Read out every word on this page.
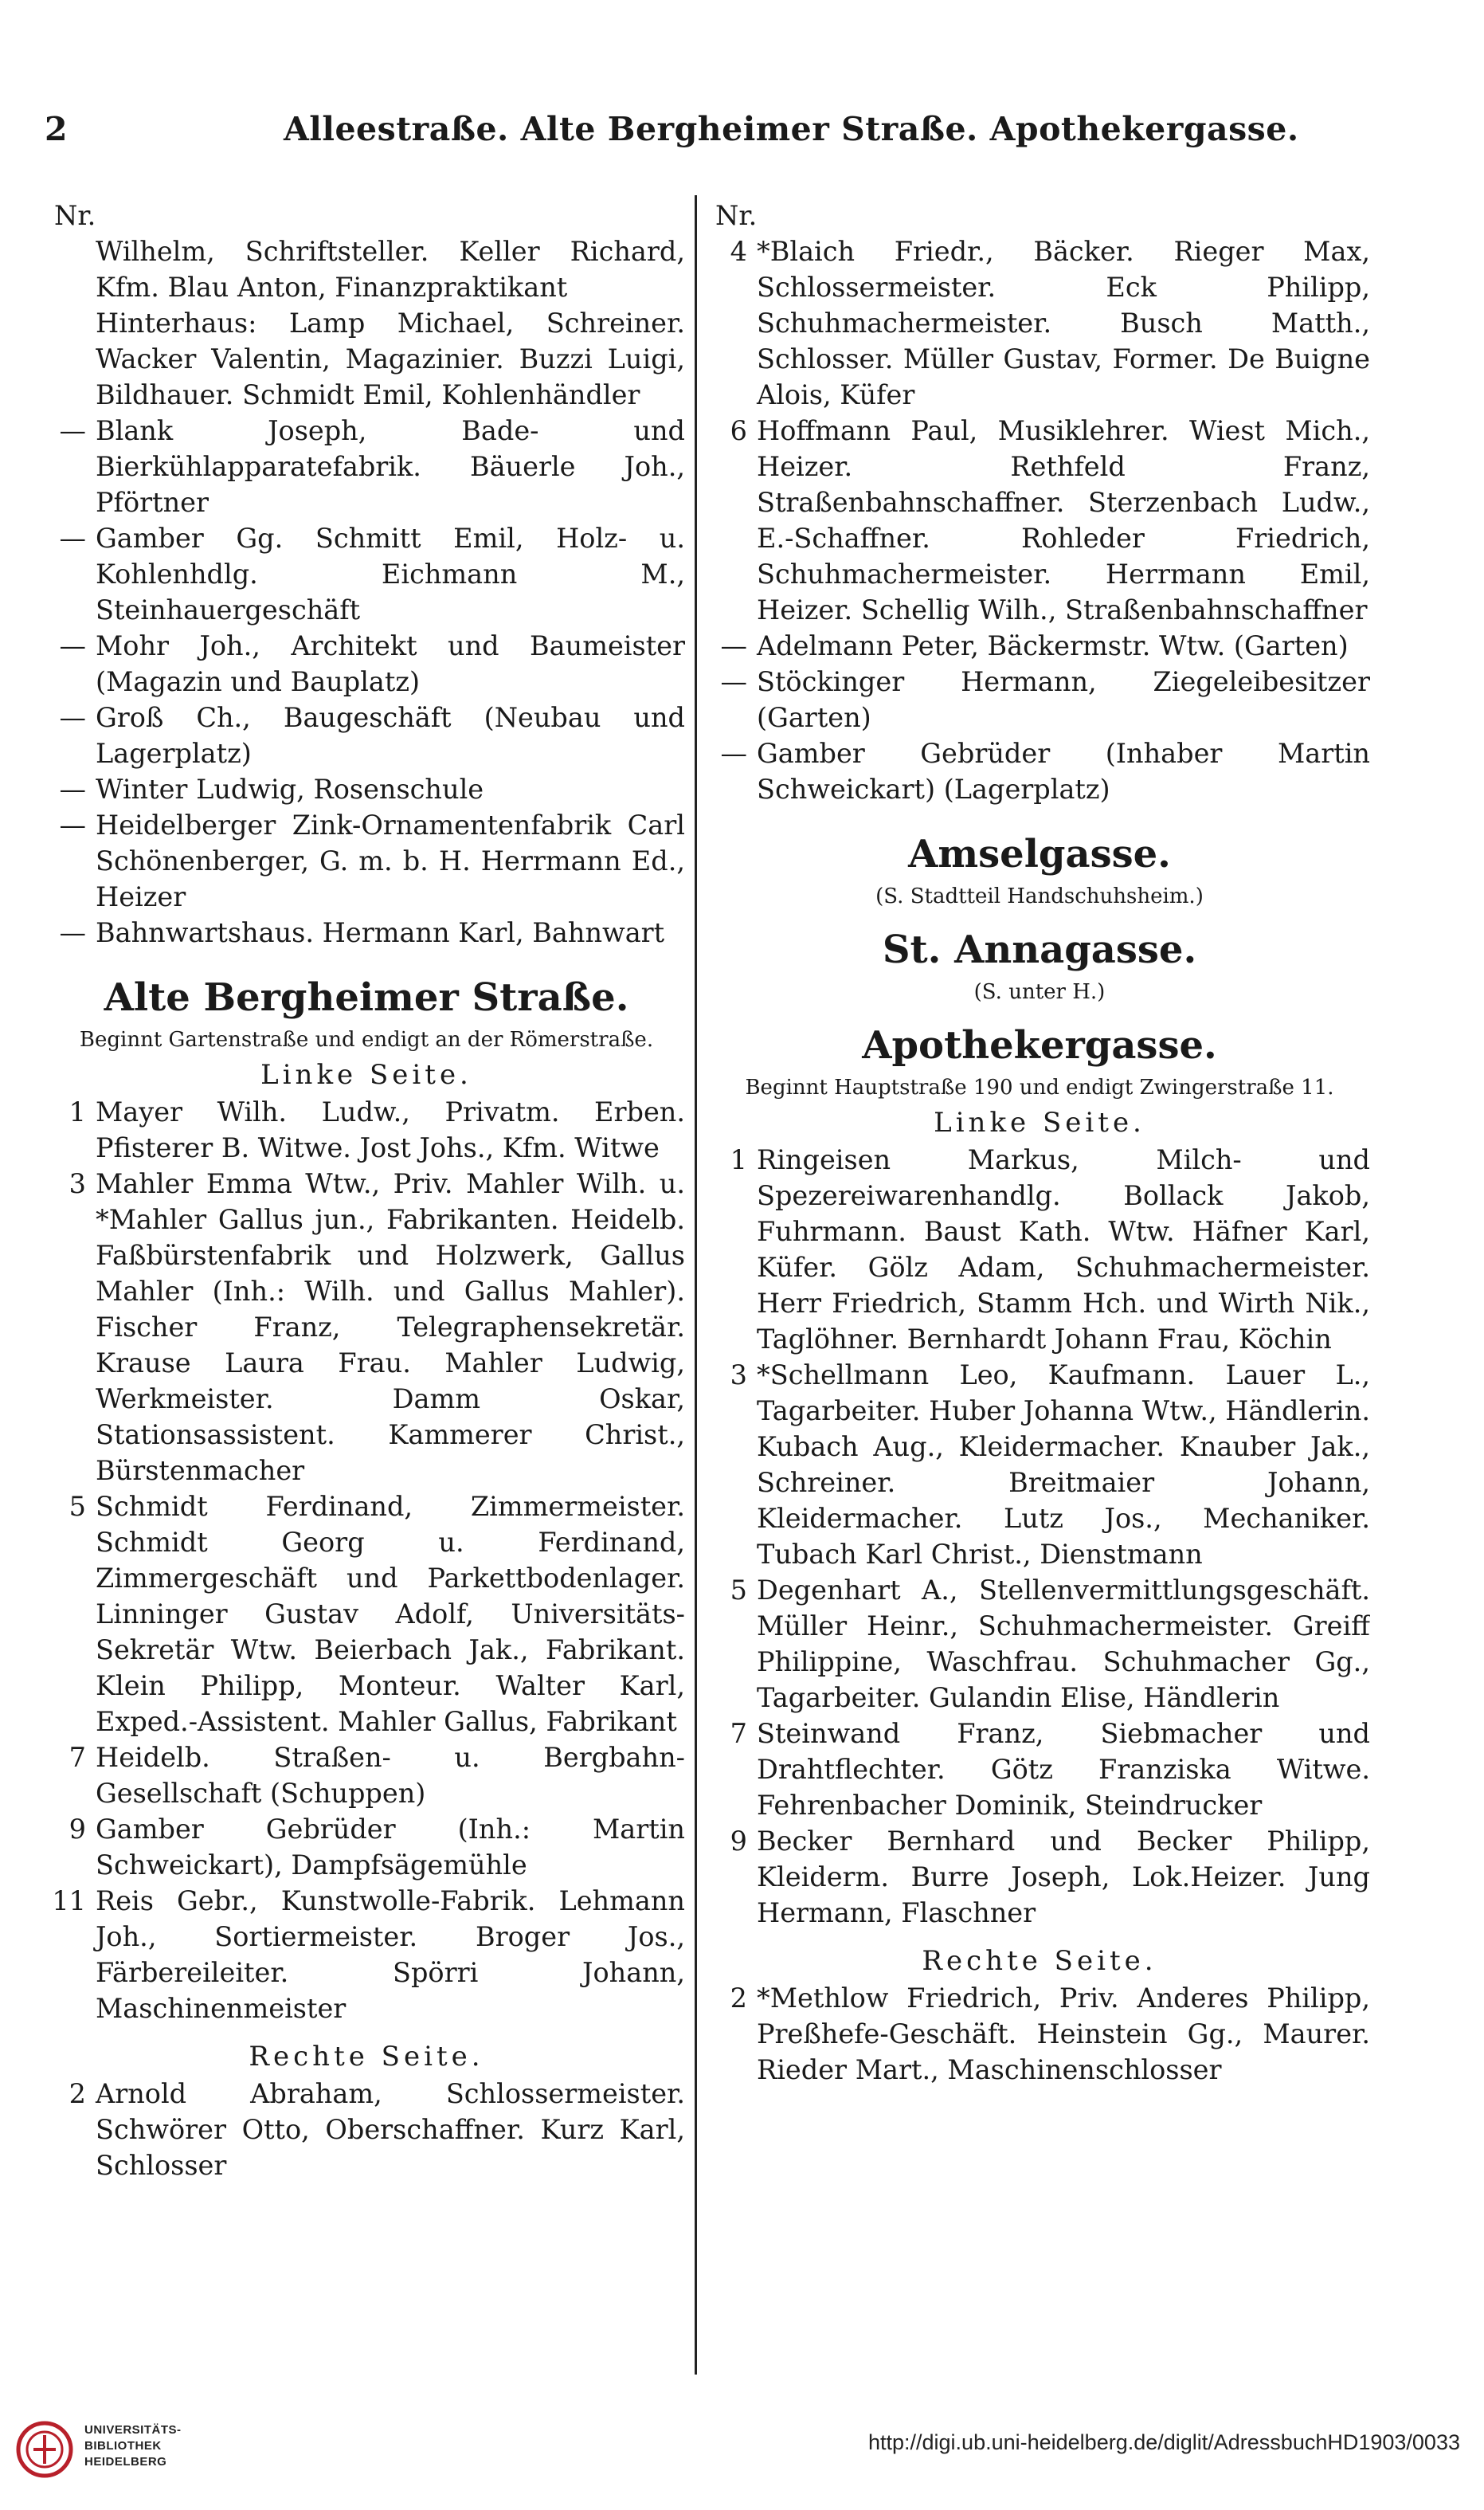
2	Alleestraße. Alte Bergheimer Straße. Apothekergasse.

Nr.

Wilhelm, Schriftsteller. Keller Richard, Kfm. Blau Anton, Finanzpraktikant

Hinterhaus: Lamp Michael, Schreiner. Wacker Valentin, Magazinier. Buzzi Luigi, Bildhauer. Schmidt Emil, Kohlenhändler

— Blank Joseph, Bade- und Bierkühlapparatefabrik. Bäuerle Joh., Pförtner

— Gamber Gg. Schmitt Emil, Holz- u. Kohlenhdlg. Eichmann M., Steinhauergeschäft

— Mohr Joh., Architekt und Baumeister (Magazin und Bauplatz)

— Groß Ch., Baugeschäft (Neubau und Lagerplatz)

— Winter Ludwig, Rosenschule

— Heidelberger Zink-Ornamentenfabrik Carl Schönenberger, G. m. b. H. Herrmann Ed., Heizer

— Bahnwartshaus. Hermann Karl, Bahnwart

Alte Bergheimer Straße.

Beginnt Gartenstraße und endigt an der Römerstraße.

Linke Seite.

1 Mayer Wilh. Ludw., Privatm. Erben. Pfisterer B. Witwe. Jost Johs., Kfm. Witwe

3 Mahler Emma Wtw., Priv. Mahler Wilh. u. *Mahler Gallus jun., Fabrikanten. Heidelb. Faßbürstenfabrik und Holzwerk, Gallus Mahler (Inh.: Wilh. und Gallus Mahler). Fischer Franz, Telegraphensekretär. Krause Laura Frau. Mahler Ludwig, Werkmeister. Damm Oskar, Stationsassistent. Kammerer Christ., Bürstenmacher

5 Schmidt Ferdinand, Zimmermeister. Schmidt Georg u. Ferdinand, Zimmergeschäft und Parkettbodenlager. Linninger Gustav Adolf, Universitäts-Sekretär Wtw. Beierbach Jak., Fabrikant. Klein Philipp, Monteur. Walter Karl, Exped.-Assistent. Mahler Gallus, Fabrikant

7 Heidelb. Straßen- u. Bergbahn-Gesellschaft (Schuppen)

9 Gamber Gebrüder (Inh.: Martin Schweickart), Dampfsägemühle

11 Reis Gebr., Kunstwolle-Fabrik. Lehmann Joh., Sortiermeister. Broger Jos., Färbereileiter. Spörri Johann, Maschinenmeister

Rechte Seite.

2 Arnold Abraham, Schlossermeister. Schwörer Otto, Oberschaffner. Kurz Karl, Schlosser

Nr.

4 *Blaich Friedr., Bäcker. Rieger Max, Schlossermeister. Eck Philipp, Schuhmachermeister. Busch Matth., Schlosser. Müller Gustav, Former. De Buigne Alois, Küfer

6 Hoffmann Paul, Musiklehrer. Wiest Mich., Heizer. Rethfeld Franz, Straßenbahnschaffner. Sterzenbach Ludw., E.-Schaffner. Rohleder Friedrich, Schuhmachermeister. Herrmann Emil, Heizer. Schellig Wilh., Straßenbahnschaffner

— Adelmann Peter, Bäckermstr. Wtw. (Garten)

— Stöckinger Hermann, Ziegeleibesitzer (Garten)

— Gamber Gebrüder (Inhaber Martin Schweickart) (Lagerplatz)

Amselgasse.

(S. Stadtteil Handschuhsheim.)

St. Annagasse.

(S. unter H.)

Apothekergasse.

Beginnt Hauptstraße 190 und endigt Zwingerstraße 11.

Linke Seite.

1 Ringeisen Markus, Milch- und Spezereiwarenhandlg. Bollack Jakob, Fuhrmann. Baust Kath. Wtw. Häfner Karl, Küfer. Gölz Adam, Schuhmachermeister. Herr Friedrich, Stamm Hch. und Wirth Nik., Taglöhner. Bernhardt Johann Frau, Köchin

3 *Schellmann Leo, Kaufmann. Lauer L., Tagarbeiter. Huber Johanna Wtw., Händlerin. Kubach Aug., Kleidermacher. Knauber Jak., Schreiner. Breitmaier Johann, Kleidermacher. Lutz Jos., Mechaniker. Tubach Karl Christ., Dienstmann

5 Degenhart A., Stellenvermittlungsgeschäft. Müller Heinr., Schuhmachermeister. Greiff Philippine, Waschfrau. Schuhmacher Gg., Tagarbeiter. Gulandin Elise, Händlerin

7 Steinwand Franz, Siebmacher und Drahtflechter. Götz Franziska Witwe. Fehrenbacher Dominik, Steindrucker

9 Becker Bernhard und Becker Philipp, Kleiderm. Burre Joseph, Lok.Heizer. Jung Hermann, Flaschner

Rechte Seite.

2 *Methlow Friedrich, Priv. Anderes Philipp, Preßhefe-Geschäft. Heinstein Gg., Maurer. Rieder Mart., Maschinenschlosser

UNIVERSITÄTS-
BIBLIOTHEK
HEIDELBERG
http://digi.ub.uni-heidelberg.de/diglit/AdressbuchHD1903/0033
